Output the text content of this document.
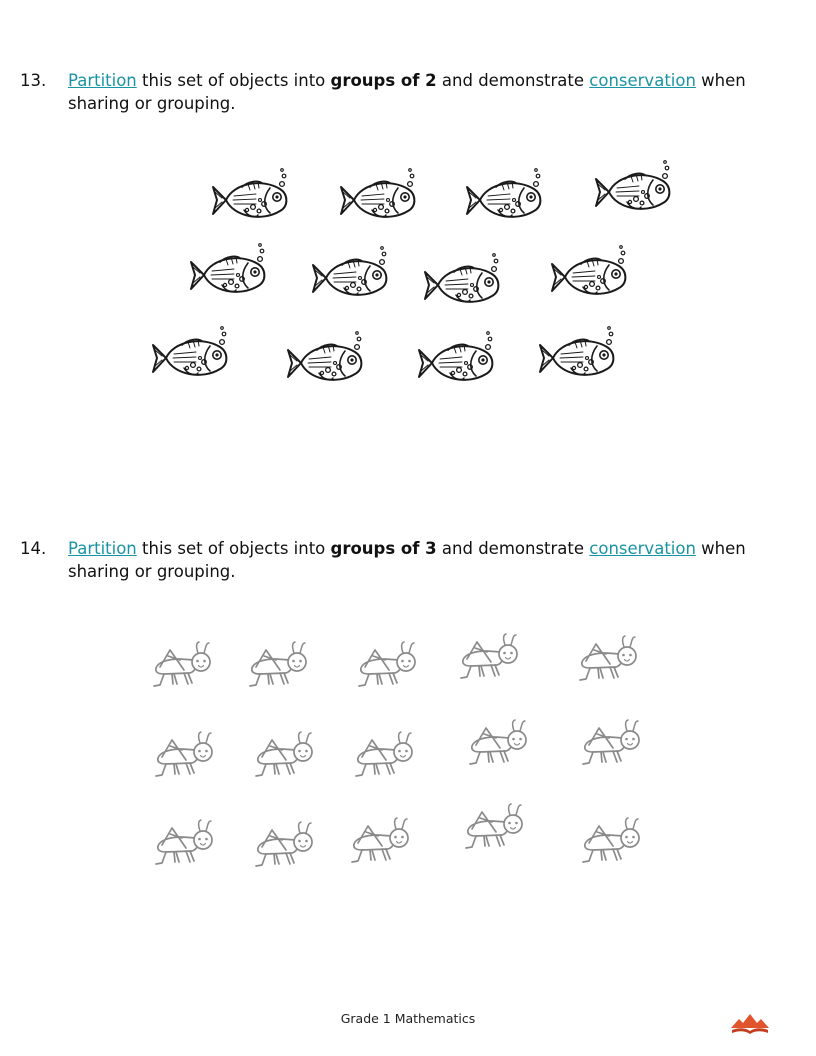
13. Partition this set of objects into groups of 2 and demonstrate conservation when sharing or grouping.
14. Partition this set of objects into groups of 3 and demonstrate conservation when sharing or grouping.
Grade 1 Mathematics
